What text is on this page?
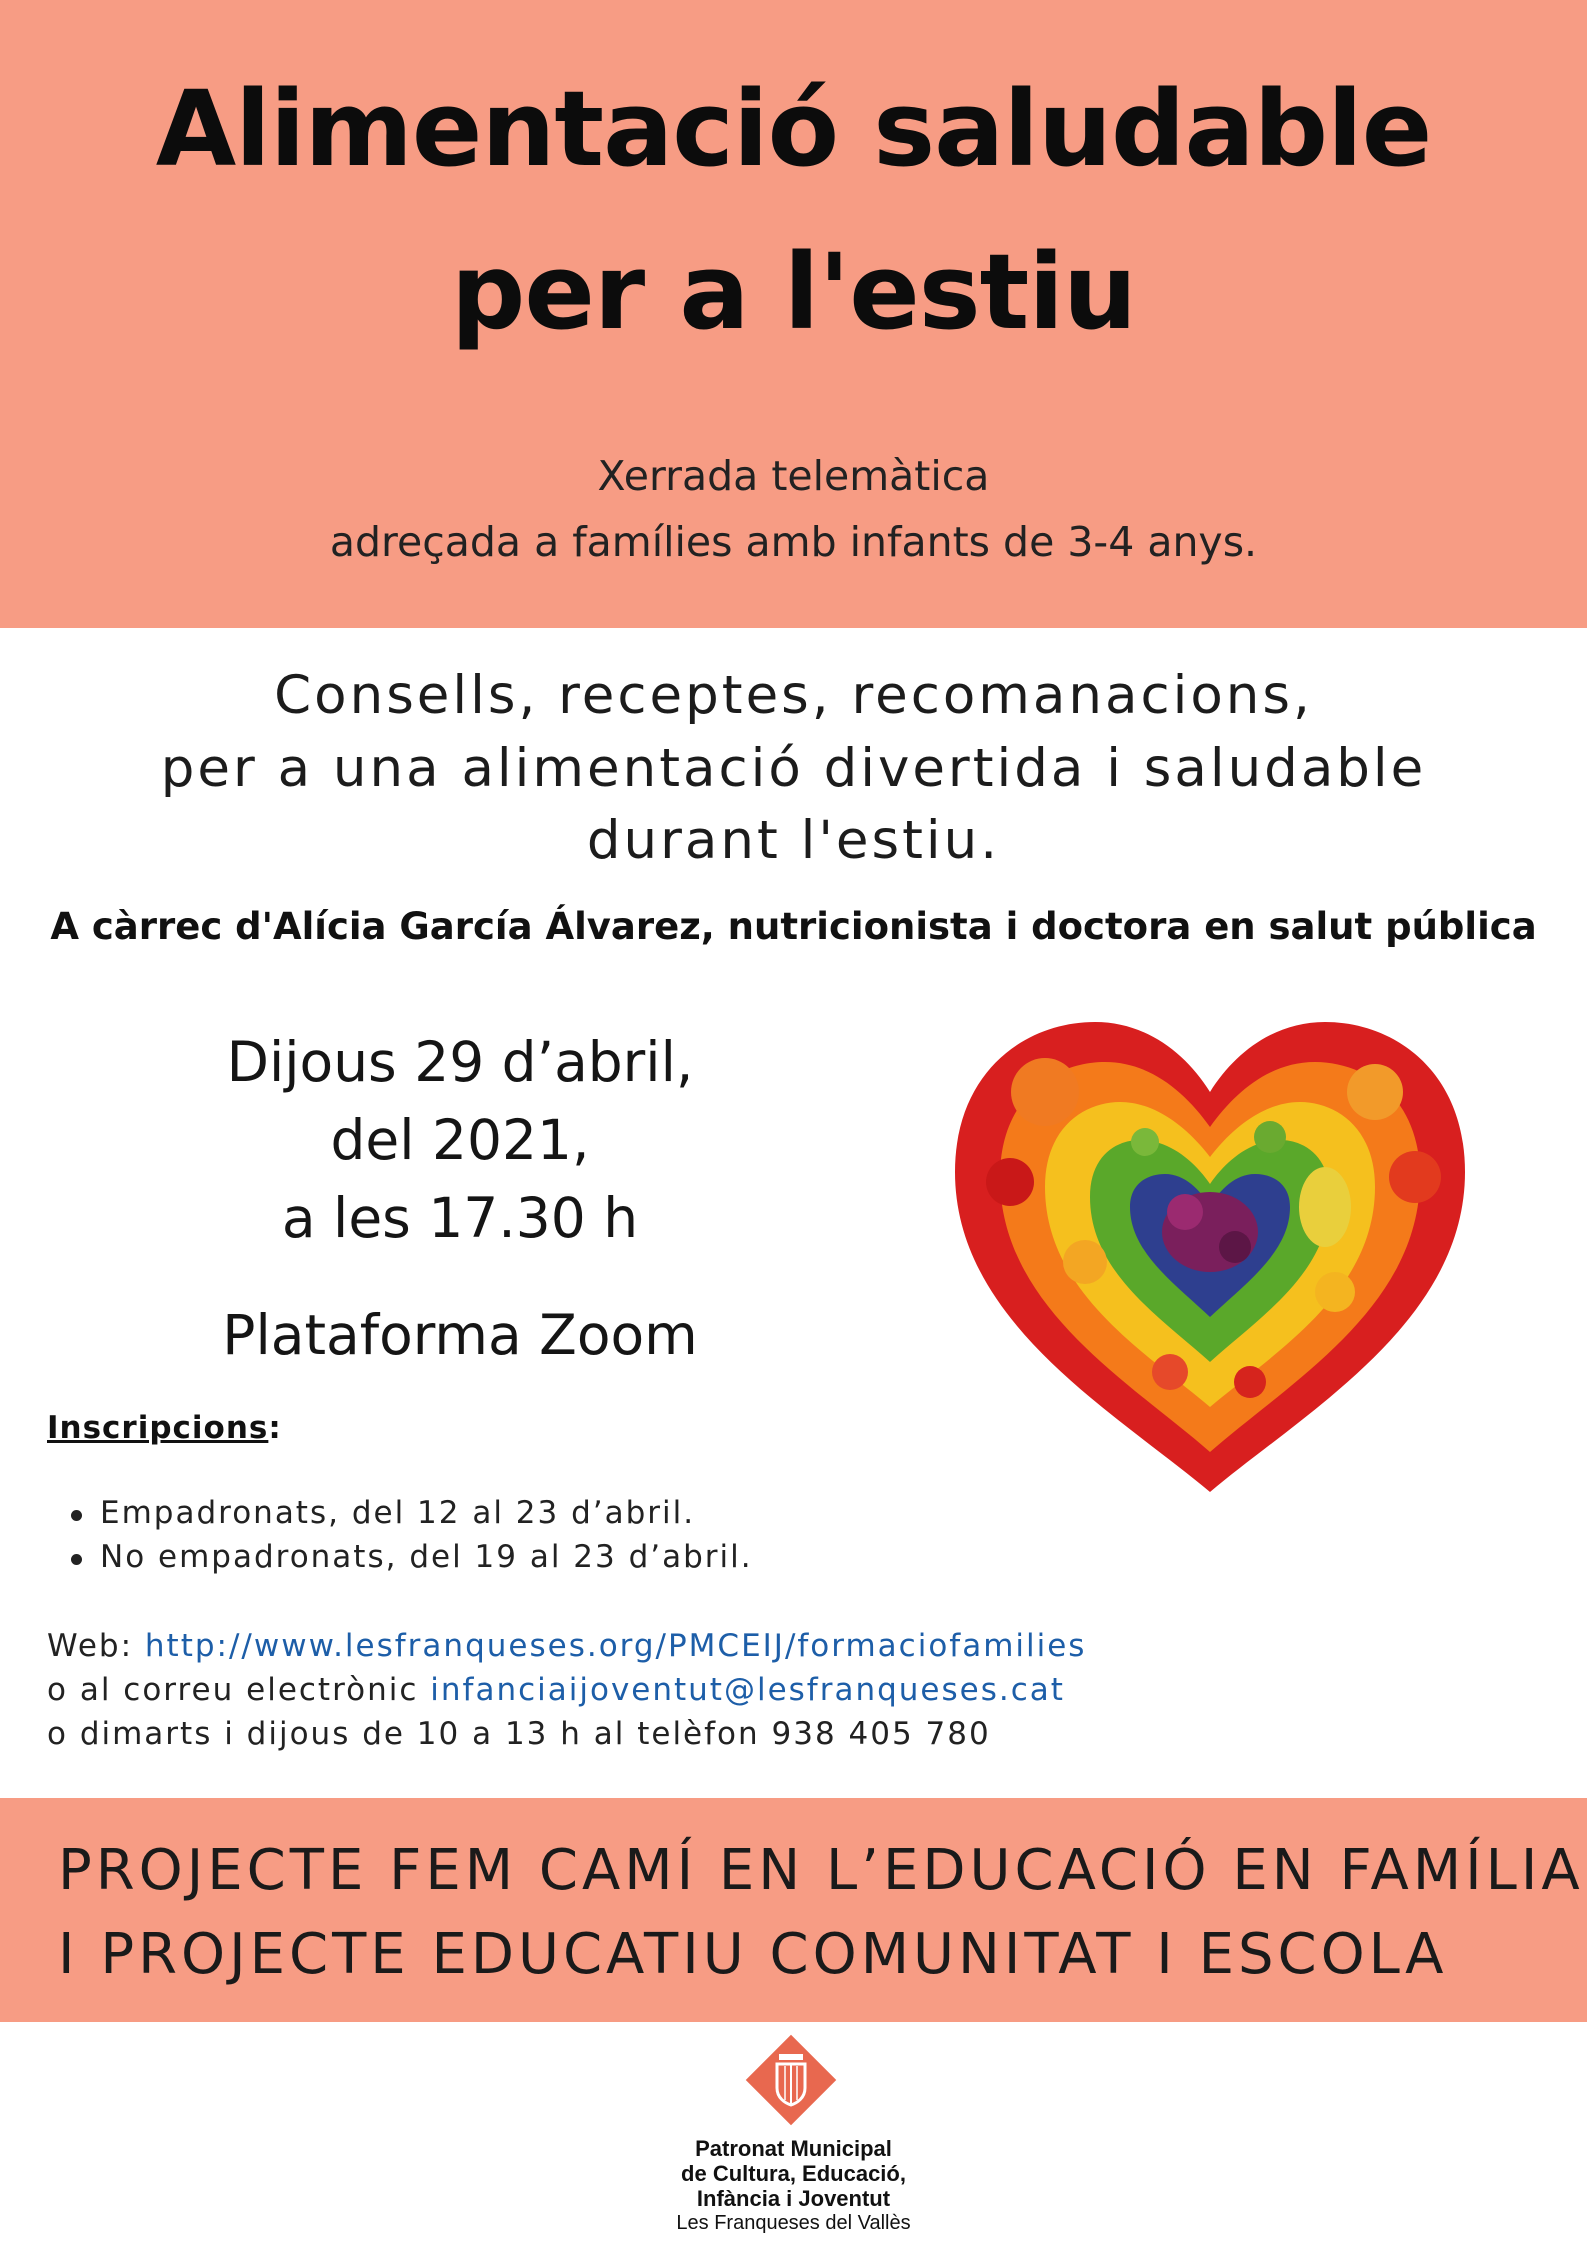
Alimentació saludable
per a l'estiu
Xerrada telemàtica
adreçada a famílies amb infants de 3-4 anys.
Consells, receptes, recomanacions,
per a una alimentació divertida i saludable
durant l'estiu.
A càrrec d'Alícia García Álvarez, nutricionista i doctora en salut pública
Dijous 29 d’abril,
del 2021,
a les 17.30 h
Plataforma Zoom
Inscripcions:
Empadronats, del 12 al 23 d’abril.
No empadronats, del 19 al 23 d’abril.
Web: http://www.lesfranqueses.org/PMCEIJ/formaciofamilies
o al correu electrònic infanciaijoventut@lesfranqueses.cat
o dimarts i dijous de 10 a 13 h al telèfon 938 405 780
PROJECTE FEM CAMÍ EN L’EDUCACIÓ EN FAMÍLIA
I PROJECTE EDUCATIU COMUNITAT I ESCOLA
Patronat Municipal
de Cultura, Educació,
Infància i Joventut
Les Franqueses del Vallès
